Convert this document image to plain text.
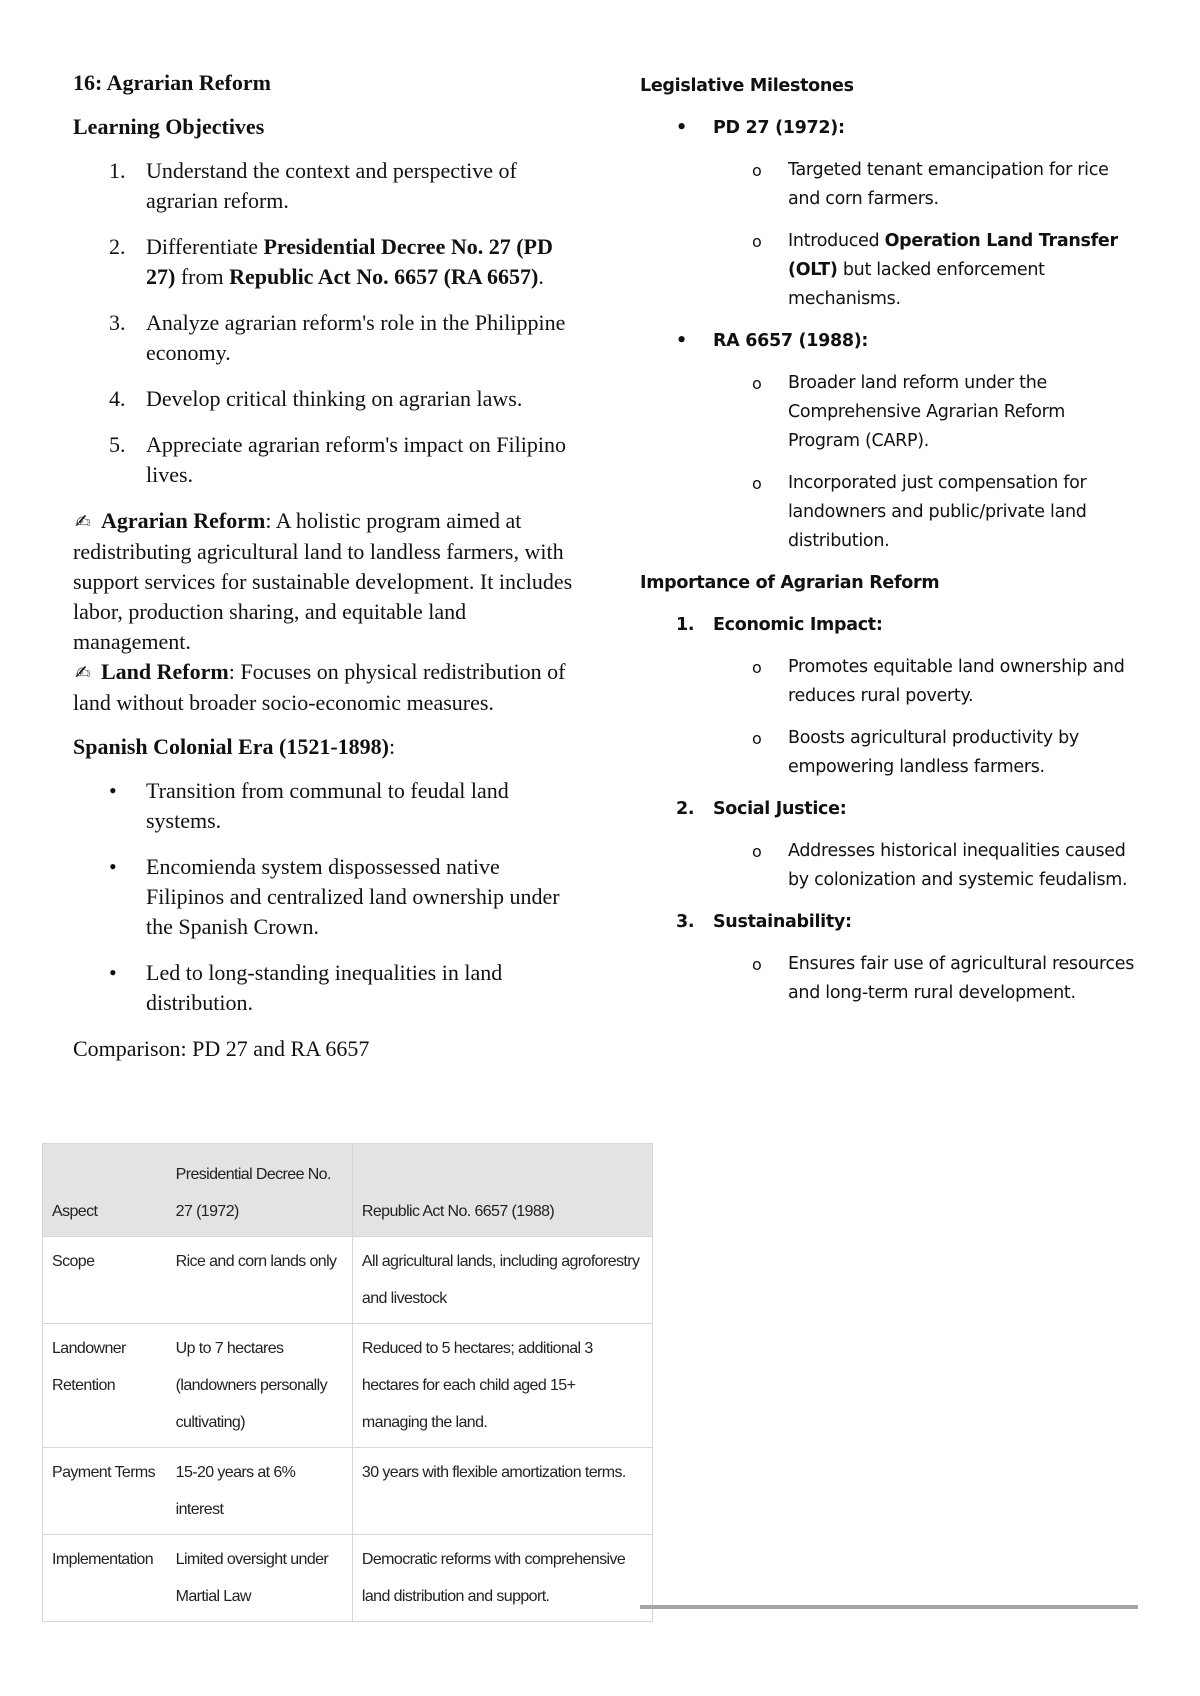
16: Agrarian Reform

Learning Objectives

1. Understand the context and perspective of agrarian reform.
2. Differentiate Presidential Decree No. 27 (PD 27) from Republic Act No. 6657 (RA 6657).
3. Analyze agrarian reform's role in the Philippine economy.
4. Develop critical thinking on agrarian laws.
5. Appreciate agrarian reform's impact on Filipino lives.

✍ Agrarian Reform: A holistic program aimed at redistributing agricultural land to landless farmers, with support services for sustainable development. It includes labor, production sharing, and equitable land management.

✍ Land Reform: Focuses on physical redistribution of land without broader socio-economic measures.

Spanish Colonial Era (1521-1898):

• Transition from communal to feudal land systems.
• Encomienda system dispossessed native Filipinos and centralized land ownership under the Spanish Crown.
• Led to long-standing inequalities in land distribution.

Comparison: PD 27 and RA 6657

Aspect	Presidential Decree No. 27 (1972)	Republic Act No. 6657 (1988)
Scope	Rice and corn lands only	All agricultural lands, including agroforestry and livestock
Landowner Retention	Up to 7 hectares (landowners personally cultivating)	Reduced to 5 hectares; additional 3 hectares for each child aged 15+ managing the land.
Payment Terms	15-20 years at 6% interest	30 years with flexible amortization terms.
Implementation	Limited oversight under Martial Law	Democratic reforms with comprehensive land distribution and support.

Legislative Milestones

• PD 27 (1972):

o Targeted tenant emancipation for rice and corn farmers.

o Introduced Operation Land Transfer (OLT) but lacked enforcement mechanisms.

• RA 6657 (1988):

o Broader land reform under the Comprehensive Agrarian Reform Program (CARP).

o Incorporated just compensation for landowners and public/private land distribution.

Importance of Agrarian Reform

1. Economic Impact:

o Promotes equitable land ownership and reduces rural poverty.

o Boosts agricultural productivity by empowering landless farmers.

2. Social Justice:

o Addresses historical inequalities caused by colonization and systemic feudalism.

3. Sustainability:

o Ensures fair use of agricultural resources and long-term rural development.
